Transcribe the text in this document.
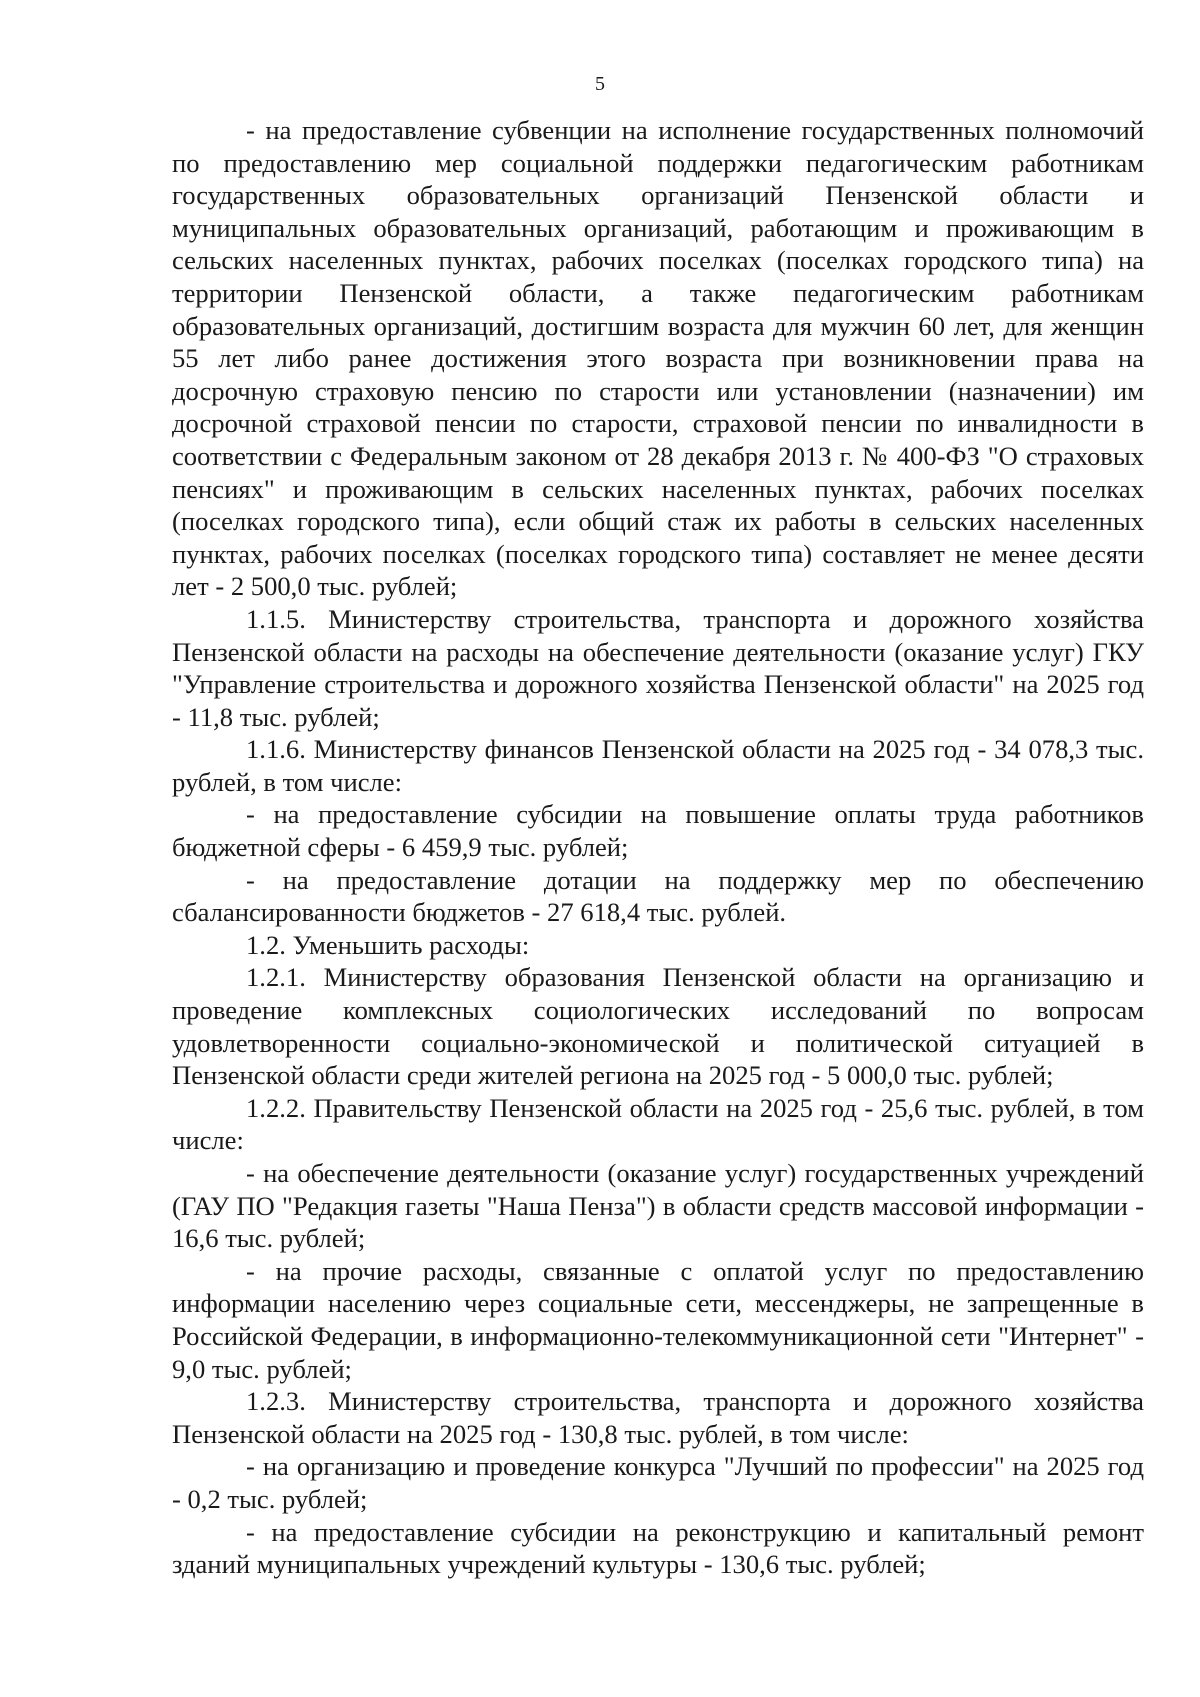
5

- на предоставление субвенции на исполнение государственных полномочий по предоставлению мер социальной поддержки педагогическим работникам государственных образовательных организаций Пензенской области и муниципальных образовательных организаций, работающим и проживающим в сельских населенных пунктах, рабочих поселках (поселках городского типа) на территории Пензенской области, а также педагогическим работникам образовательных организаций, достигшим возраста для мужчин 60 лет, для женщин 55 лет либо ранее достижения этого возраста при возникновении права на досрочную страховую пенсию по старости или установлении (назначении) им досрочной страховой пенсии по старости, страховой пенсии по инвалидности в соответствии с Федеральным законом от 28 декабря 2013 г. № 400-ФЗ "О страховых пенсиях" и проживающим в сельских населенных пунктах, рабочих поселках (поселках городского типа), если общий стаж их работы в сельских населенных пунктах, рабочих поселках (поселках городского типа) составляет не менее десяти лет - 2 500,0 тыс. рублей;

1.1.5. Министерству строительства, транспорта и дорожного хозяйства Пензенской области на расходы на обеспечение деятельности (оказание услуг) ГКУ "Управление строительства и дорожного хозяйства Пензенской области" на 2025 год - 11,8 тыс. рублей;

1.1.6. Министерству финансов Пензенской области на 2025 год - 34 078,3 тыс. рублей, в том числе:

- на предоставление субсидии на повышение оплаты труда работников бюджетной сферы - 6 459,9 тыс. рублей;

- на предоставление дотации на поддержку мер по обеспечению сбалансированности бюджетов - 27 618,4 тыс. рублей.

1.2. Уменьшить расходы:

1.2.1. Министерству образования Пензенской области на организацию и проведение комплексных социологических исследований по вопросам удовлетворенности социально-экономической и политической ситуацией в Пензенской области среди жителей региона на 2025 год - 5 000,0 тыс. рублей;

1.2.2. Правительству Пензенской области на 2025 год - 25,6 тыс. рублей, в том числе:

- на обеспечение деятельности (оказание услуг) государственных учреждений (ГАУ ПО "Редакция газеты "Наша Пенза") в области средств массовой информации - 16,6 тыс. рублей;

- на прочие расходы, связанные с оплатой услуг по предоставлению информации населению через социальные сети, мессенджеры, не запрещенные в Российской Федерации, в информационно-телекоммуникационной сети "Интернет" - 9,0 тыс. рублей;

1.2.3. Министерству строительства, транспорта и дорожного хозяйства Пензенской области на 2025 год - 130,8 тыс. рублей, в том числе:

- на организацию и проведение конкурса "Лучший по профессии" на 2025 год - 0,2 тыс. рублей;

- на предоставление субсидии на реконструкцию и капитальный ремонт зданий муниципальных учреждений культуры - 130,6 тыс. рублей;
